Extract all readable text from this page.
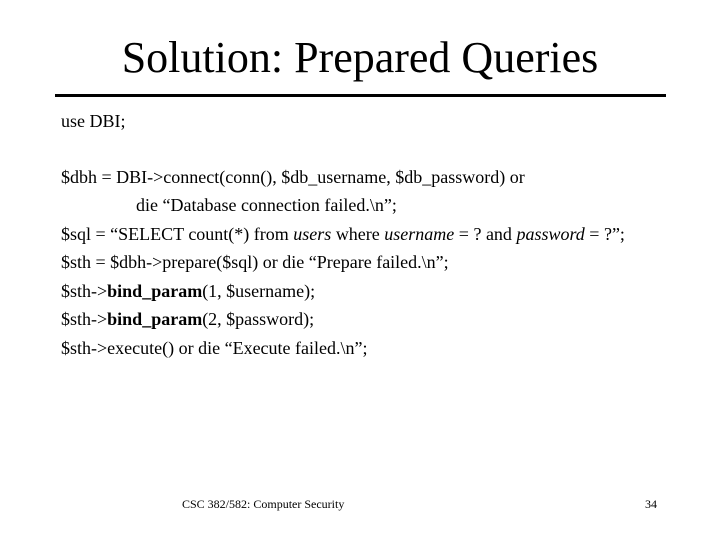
Solution: Prepared Queries
use DBI;
$dbh = DBI->connect(conn(), $db_username, $db_password) or
die “Database connection failed.\n”;
$sql = “SELECT count(*) from users where username = ? and password = ?”;
$sth = $dbh->prepare($sql) or die “Prepare failed.\n”;
$sth->bind_param(1, $username);
$sth->bind_param(2, $password);
$sth->execute() or die “Execute failed.\n”;
CSC 382/582: Computer Security	34
